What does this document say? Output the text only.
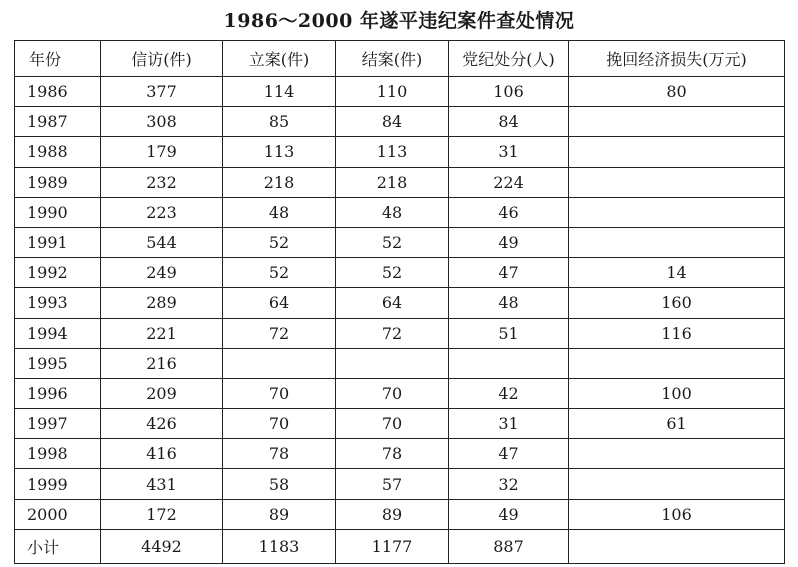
1986～2000 年遂平违纪案件查处情况
年份	信访(件)	立案(件)	结案(件)	党纪处分(人)	挽回经济损失(万元)
1986	377	114	110	106	80
1987	308	85	84	84	
1988	179	113	113	31	
1989	232	218	218	224	
1990	223	48	48	46	
1991	544	52	52	49	
1992	249	52	52	47	14
1993	289	64	64	48	160
1994	221	72	72	51	116
1995	216				
1996	209	70	70	42	100
1997	426	70	70	31	61
1998	416	78	78	47	
1999	431	58	57	32	
2000	172	89	89	49	106
小计	4492	1183	1177	887	
